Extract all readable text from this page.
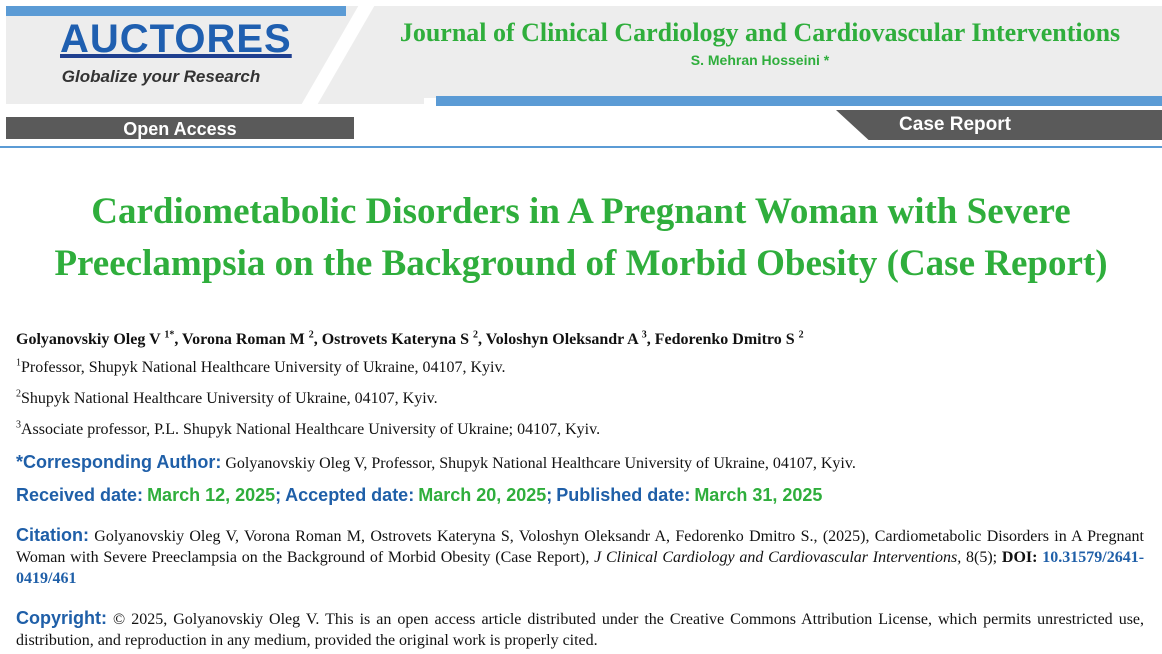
AUCTORES
Globalize your Research
Journal of Clinical Cardiology and Cardiovascular Interventions
S. Mehran Hosseini *
Open Access	Case Report
Cardiometabolic Disorders in A Pregnant Woman with Severe
Preeclampsia on the Background of Morbid Obesity (Case Report)
Golyanovskiy Oleg V $^{1*}$, Vorona Roman M $^2$, Ostrovets Kateryna S $^2$, Voloshyn Oleksandr A $^3$, Fedorenko Dmitro S $^2$
$^1$Professor, Shupyk National Healthcare University of Ukraine, 04107, Kyiv.
$^2$Shupyk National Healthcare University of Ukraine, 04107, Kyiv.
$^3$Associate professor, P.L. Shupyk National Healthcare University of Ukraine; 04107, Kyiv.
*Corresponding Author: Golyanovskiy Oleg V, Professor, Shupyk National Healthcare University of Ukraine, 04107, Kyiv.
Received date: March 12, 2025; Accepted date: March 20, 2025; Published date: March 31, 2025
Citation: Golyanovskiy Oleg V, Vorona Roman M, Ostrovets Kateryna S, Voloshyn Oleksandr A, Fedorenko Dmitro S., (2025), Cardiometabolic Disorders in A Pregnant Woman with Severe Preeclampsia on the Background of Morbid Obesity (Case Report), J Clinical Cardiology and Cardiovascular Interventions, 8(5); DOI: 10.31579/2641-0419/461
Copyright: © 2025, Golyanovskiy Oleg V. This is an open access article distributed under the Creative Commons Attribution License, which permits unrestricted use, distribution, and reproduction in any medium, provided the original work is properly cited.
